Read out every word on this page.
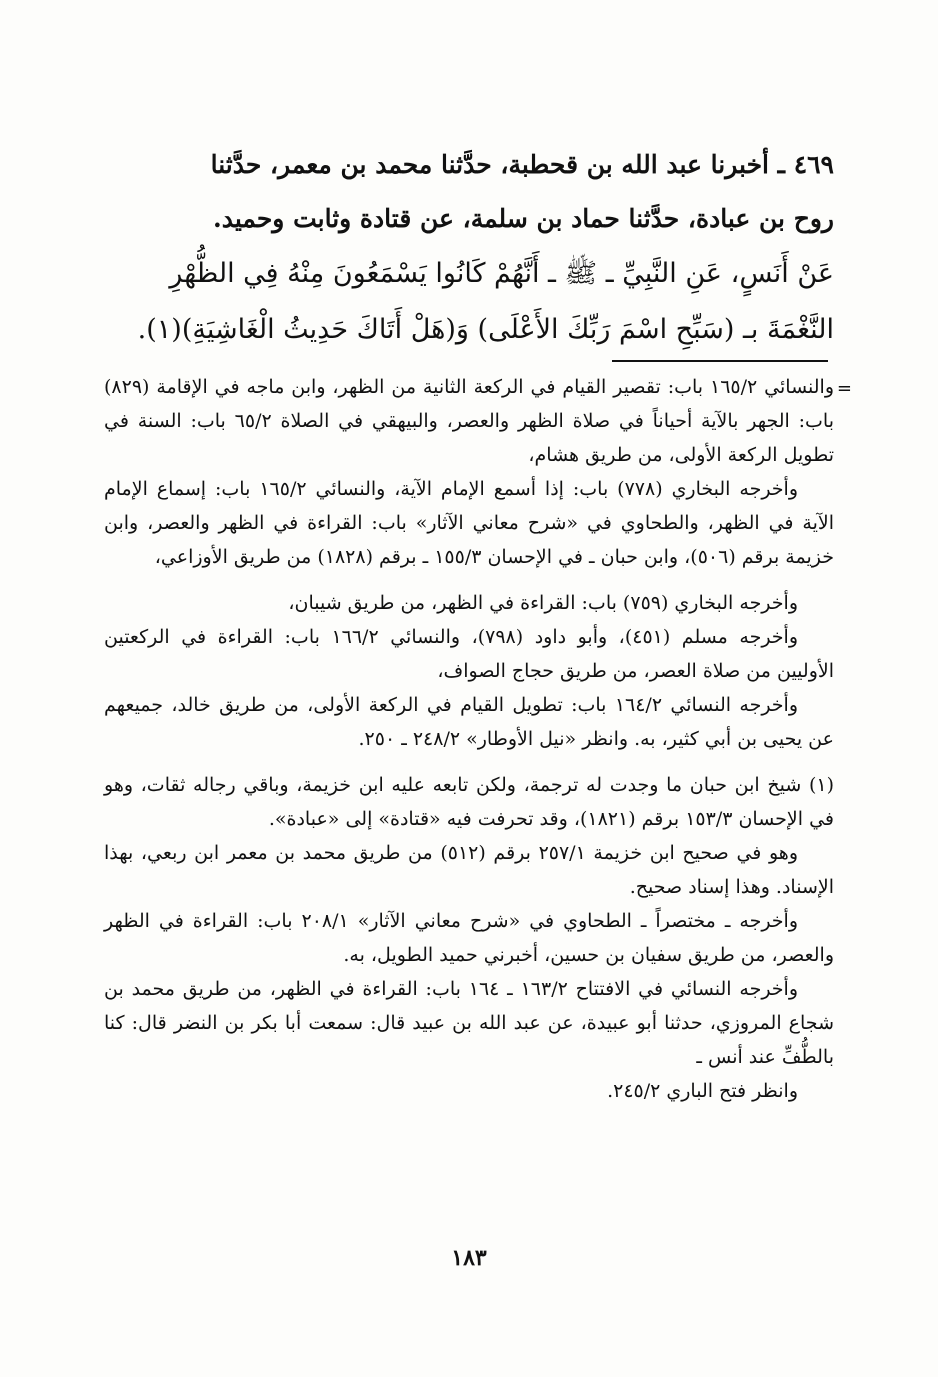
٤٦٩ ـ أخبرنا عبد الله بن قحطبة، حدَّثنا محمد بن معمر، حدَّثنا

روح بن عبادة، حدَّثنا حماد بن سلمة، عن قتادة وثابت وحميد.

عَنْ أَنَسٍ، عَنِ النَّبِيِّ ـ ﷺ ـ أَنَّهُمْ كَانُوا يَسْمَعُونَ مِنْهُ فِي الظُّهْرِ

النَّغْمَةَ بـ (سَبِّحِ اسْمَ رَبِّكَ الأَعْلَى) وَ(هَلْ أَتَاكَ حَدِيثُ الْغَاشِيَةِ)(١).

=

والنسائي ١٦٥/٢ باب: تقصير القيام في الركعة الثانية من الظهر، وابن ماجه في الإقامة (٨٢٩) باب: الجهر بالآية أحياناً في صلاة الظهر والعصر، والبيهقي في الصلاة ٦٥/٢ باب: السنة في تطويل الركعة الأولى، من طريق هشام،

وأخرجه البخاري (٧٧٨) باب: إذا أسمع الإمام الآية، والنسائي ١٦٥/٢ باب: إسماع الإمام الآية في الظهر، والطحاوي في «شرح معاني الآثار» باب: القراءة في الظهر والعصر، وابن خزيمة برقم (٥٠٦)، وابن حبان ـ في الإحسان ١٥٥/٣ ـ برقم (١٨٢٨) من طريق الأوزاعي،

وأخرجه البخاري (٧٥٩) باب: القراءة في الظهر، من طريق شيبان،

وأخرجه مسلم (٤٥١)، وأبو داود (٧٩٨)، والنسائي ١٦٦/٢ باب: القراءة في الركعتين الأوليين من صلاة العصر، من طريق حجاج الصواف،

وأخرجه النسائي ١٦٤/٢ باب: تطويل القيام في الركعة الأولى، من طريق خالد، جميعهم عن يحيى بن أبي كثير، به. وانظر «نيل الأوطار» ٢٤٨/٢ ـ ٢٥٠.

(١) شيخ ابن حبان ما وجدت له ترجمة، ولكن تابعه عليه ابن خزيمة، وباقي رجاله ثقات، وهو في الإحسان ١٥٣/٣ برقم (١٨٢١)، وقد تحرفت فيه «قتادة» إلى «عبادة».

وهو في صحيح ابن خزيمة ٢٥٧/١ برقم (٥١٢) من طريق محمد بن معمر ابن ربعي، بهذا الإسناد. وهذا إسناد صحيح.

وأخرجه ـ مختصراً ـ الطحاوي في «شرح معاني الآثار» ٢٠٨/١ باب: القراءة في الظهر والعصر، من طريق سفيان بن حسين، أخبرني حميد الطويل، به.

وأخرجه النسائي في الافتتاح ١٦٣/٢ ـ ١٦٤ باب: القراءة في الظهر، من طريق محمد بن شجاع المروزي، حدثنا أبو عبيدة، عن عبد الله بن عبيد قال: سمعت أبا بكر بن النضر قال: كنا بالطُّفِّ عند أنس ـ

وانظر فتح الباري ٢٤٥/٢.

١٨٣
